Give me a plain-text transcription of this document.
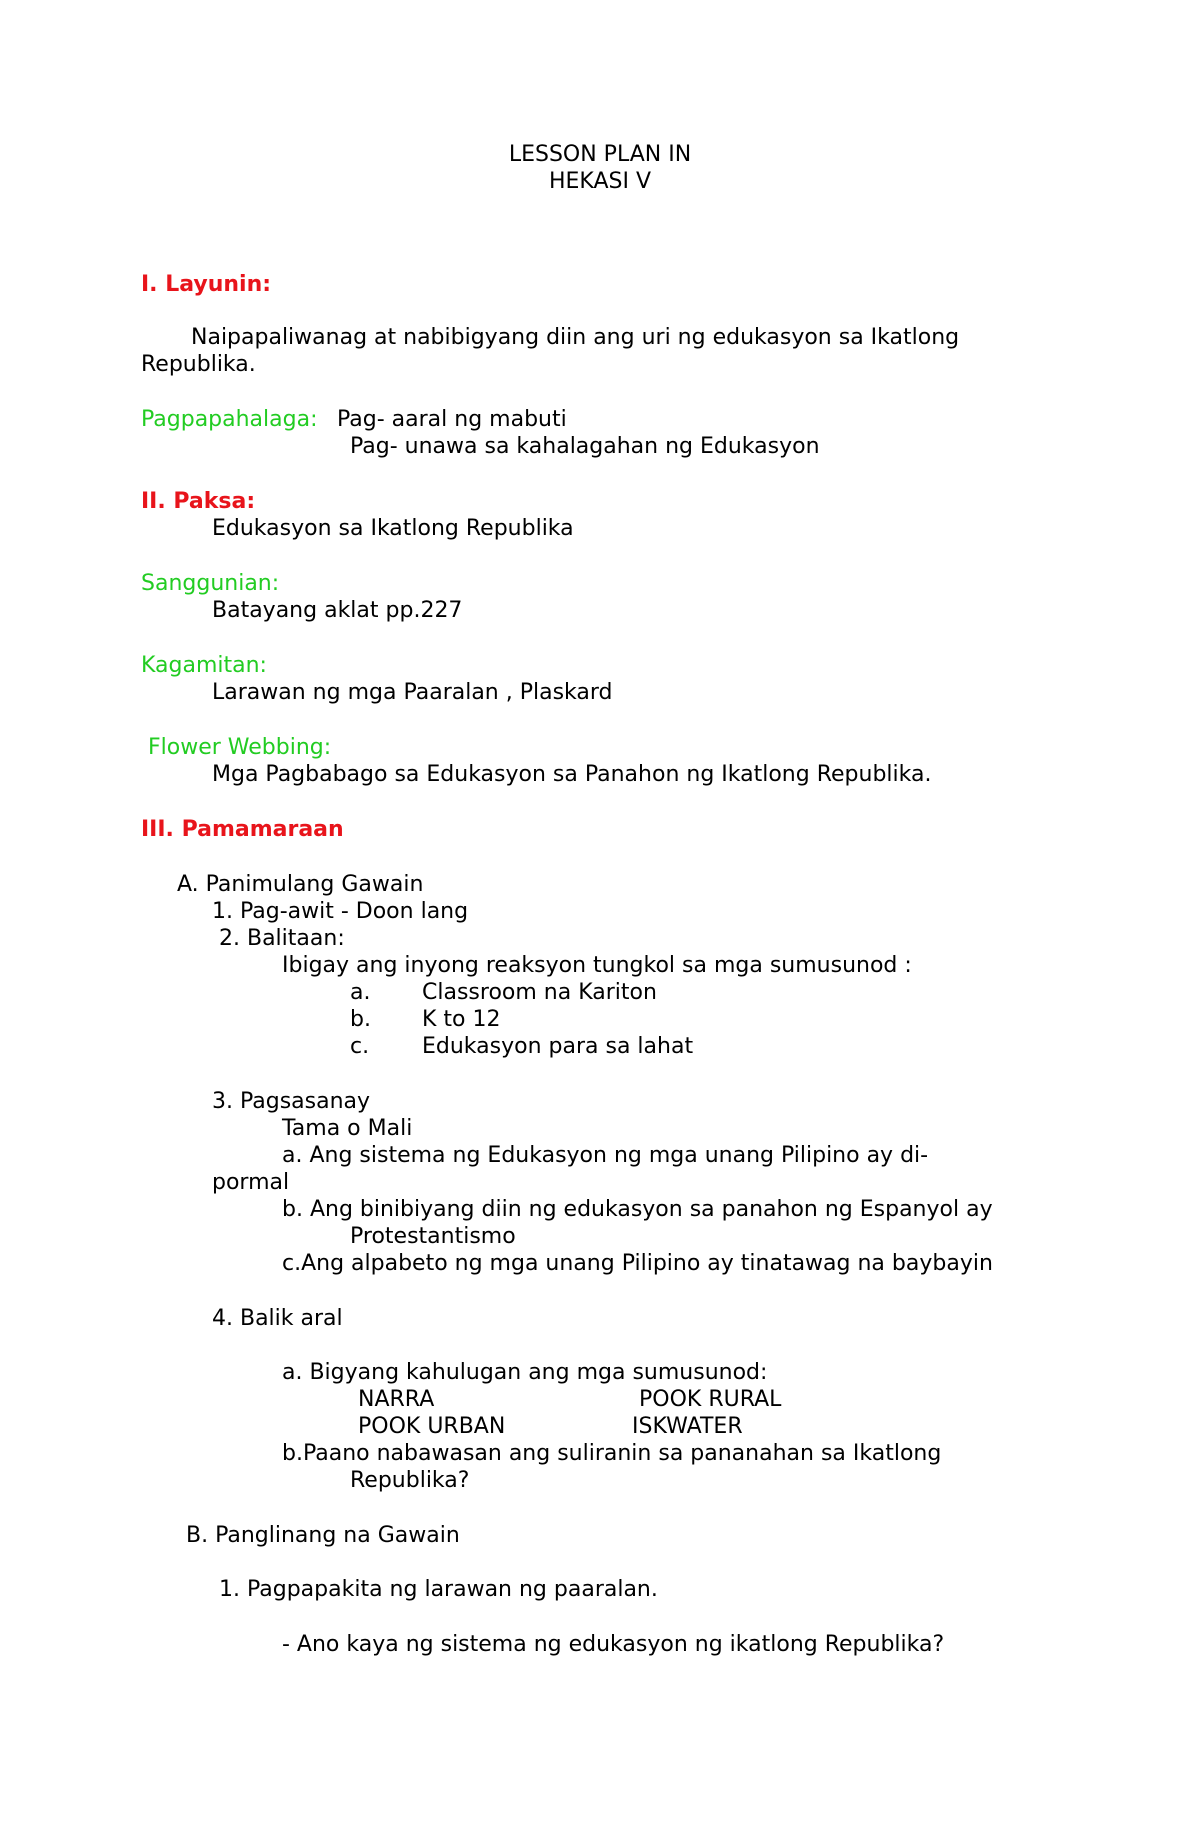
LESSON PLAN IN
HEKASI V
I. Layunin:
Naipapaliwanag at nabibigyang diin ang uri ng edukasyon sa Ikatlong
Republika.
Pagpapahalaga: Pag- aaral ng mabuti
Pag- unawa sa kahalagahan ng Edukasyon
II. Paksa:
Edukasyon sa Ikatlong Republika
Sanggunian:
Batayang aklat pp.227
Kagamitan:
Larawan ng mga Paaralan , Plaskard
Flower Webbing:
Mga Pagbabago sa Edukasyon sa Panahon ng Ikatlong Republika.
III. Pamamaraan
A. Panimulang Gawain
1. Pag-awit - Doon lang
2. Balitaan:
Ibigay ang inyong reaksyon tungkol sa mga sumusunod :
a. Classroom na Kariton
b. K to 12
c. Edukasyon para sa lahat
3. Pagsasanay
Tama o Mali
a. Ang sistema ng Edukasyon ng mga unang Pilipino ay di-
pormal
b. Ang binibiyang diin ng edukasyon sa panahon ng Espanyol ay
Protestantismo
c.Ang alpabeto ng mga unang Pilipino ay tinatawag na baybayin
4. Balik aral
a. Bigyang kahulugan ang mga sumusunod:
NARRA	POOK RURAL
POOK URBAN	ISKWATER
b.Paano nabawasan ang suliranin sa pananahan sa Ikatlong
Republika?
B. Panglinang na Gawain
1. Pagpapakita ng larawan ng paaralan.
- Ano kaya ng sistema ng edukasyon ng ikatlong Republika?
